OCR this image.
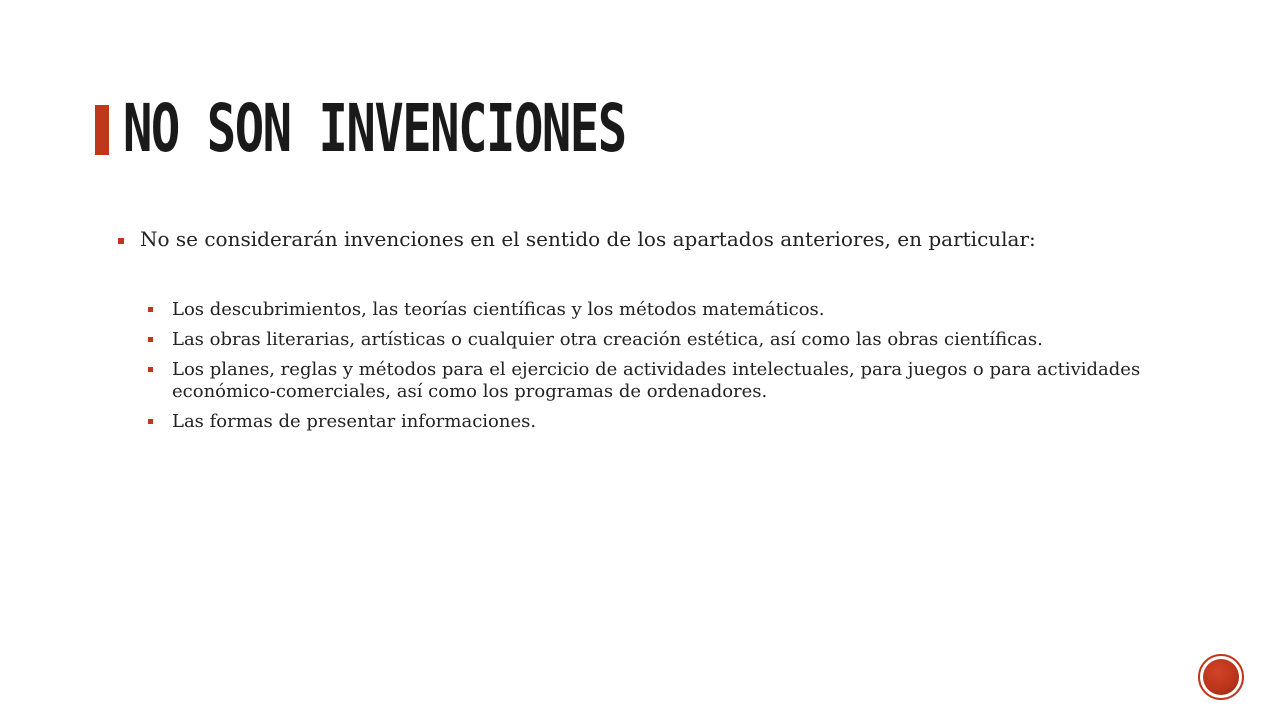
NO SON INVENCIONES

No se considerarán invenciones en el sentido de los apartados anteriores, en particular:

Los descubrimientos, las teorías científicas y los métodos matemáticos.

Las obras literarias, artísticas o cualquier otra creación estética, así como las obras científicas.

Los planes, reglas y métodos para el ejercicio de actividades intelectuales, para juegos o para actividades económico-comerciales, así como los programas de ordenadores.

Las formas de presentar informaciones.
